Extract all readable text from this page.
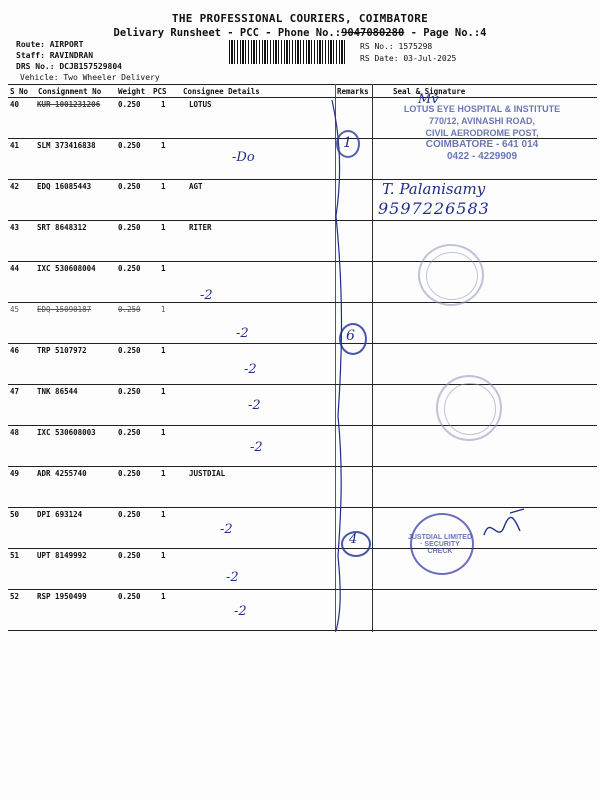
THE PROFESSIONAL COURIERS, COIMBATORE
Delivary Runsheet - PCC - Phone No.:9047080280 - Page No.:4
Route: AIRPORT
Staff: RAVINDRAN
DRS No.: DCJB157529804
Vehicle: Two Wheeler Delivery
RS No.: 1575298
RS Date: 03-Jul-2025
S No Consignment No Weight PCS Consignee Details	Remarks	Seal & Signature
40 KUR 1001231206 0.250	1	LOTUS
41 SLM 373416838	0.250	1
42 EDQ 16085443	0.250	1	AGT
43 SRT 8648312	0.250	1	RITER
44 IXC 530608004	0.250	1
45 EDQ 15090187	0.250	1
46 TRP 5107972	0.250	1
47 TNK 86544	0.250	1
48 IXC 530608003	0.250	1
49 ADR 4255740	0.250	1	JUSTDIAL
50 DPI 693124	0.250	1
51 UPT 8149992	0.250	1
52 RSP 1950499	0.250	1
-2
-2
-2
-2
-2
-2
-2
-2
LOTUS EYE HOSPITAL & INSTITUTE
770/12, AVINASHI ROAD,
CIVIL AERODROME POST,
COIMBATORE - 641 014
0422 - 4229909
Mv
-Do
1
T. Palanisamy
9597226583
JUSTDIAL LIMITED · SECURITY CHECK
6
4
